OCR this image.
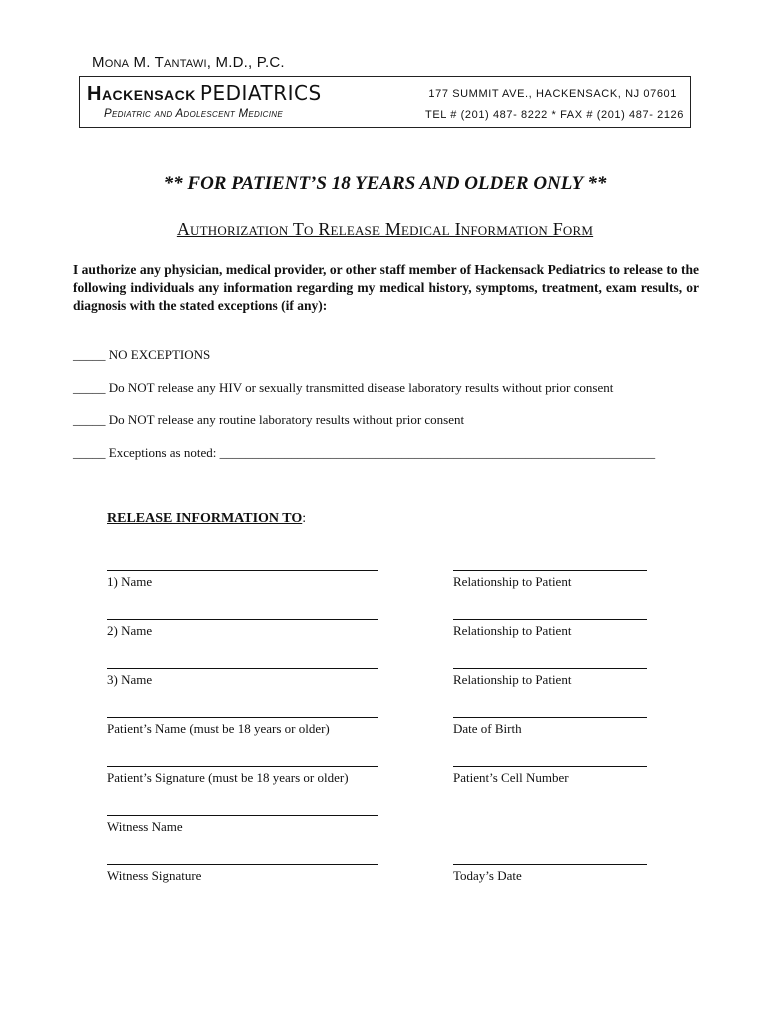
Mona M. Tantawi, M.D., P.C.
Hackensack PEDIATRICS
Pediatric and Adolescent Medicine
177 SUMMIT AVE., HACKENSACK, NJ 07601
TEL # (201) 487- 8222 * FAX # (201) 487- 2126
** FOR PATIENT’S 18 YEARS AND OLDER ONLY **
Authorization To Release Medical Information Form
I authorize any physician, medical provider, or other staff member of Hackensack Pediatrics to release to the following individuals any information regarding my medical history, symptoms, treatment, exam results, or diagnosis with the stated exceptions (if any):
_____ NO EXCEPTIONS
_____ Do NOT release any HIV or sexually transmitted disease laboratory results without prior consent
_____ Do NOT release any routine laboratory results without prior consent
_____ Exceptions as noted: ___________________________________________________________________
RELEASE INFORMATION TO:
1) Name	Relationship to Patient
2) Name	Relationship to Patient
3) Name	Relationship to Patient
Patient’s Name (must be 18 years or older)	Date of Birth
Patient’s Signature (must be 18 years or older)	Patient’s Cell Number
Witness Name
Witness Signature	Today’s Date
